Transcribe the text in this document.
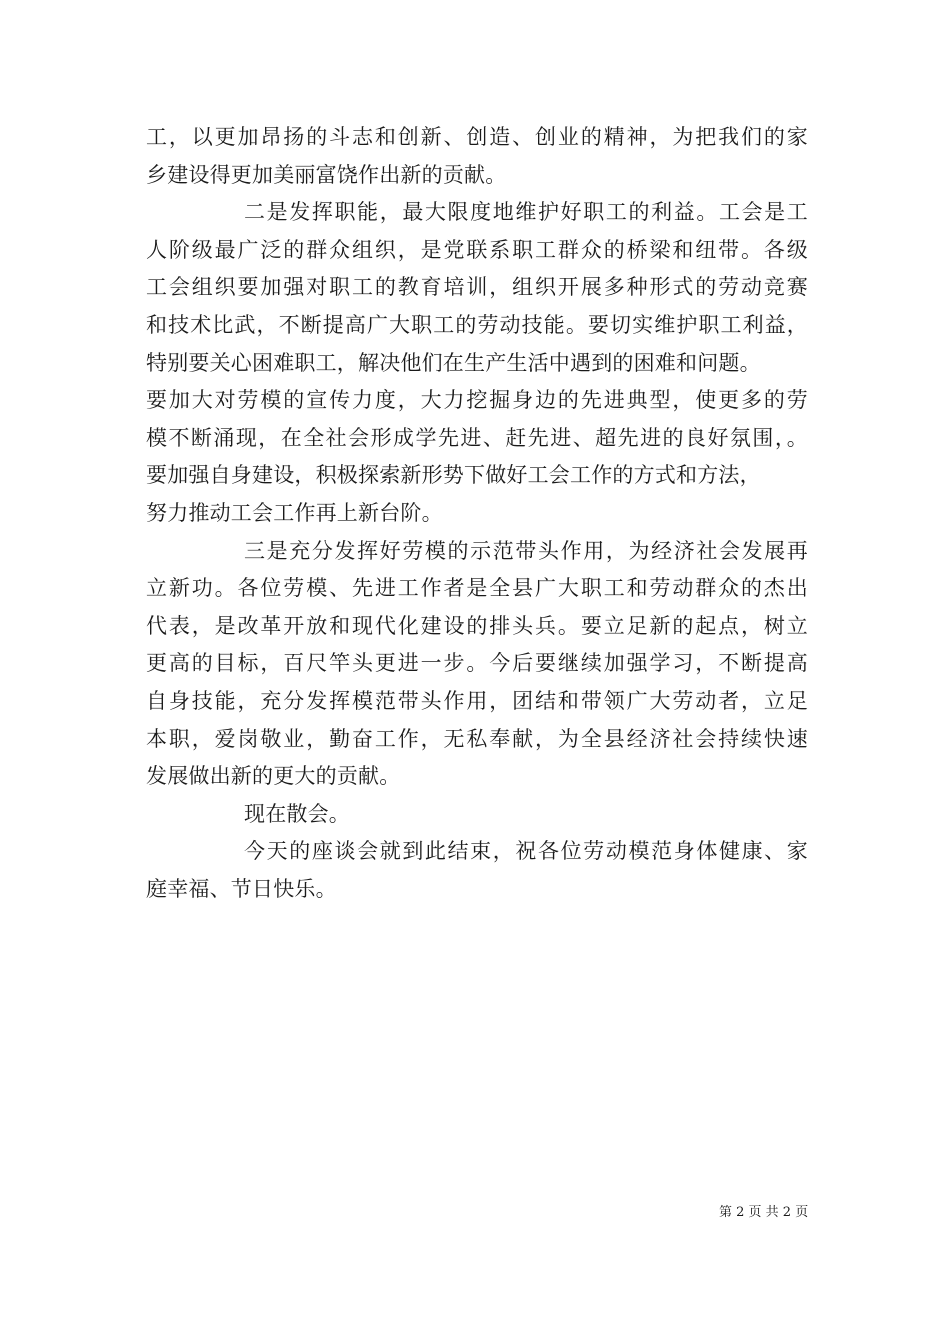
工，以更加昂扬的斗志和创新、创造、创业的精神，为把我们的家
乡建设得更加美丽富饶作出新的贡献。
二是发挥职能，最大限度地维护好职工的利益。工会是工
人阶级最广泛的群众组织，是党联系职工群众的桥梁和纽带。各级
工会组织要加强对职工的教育培训，组织开展多种形式的劳动竞赛
和技术比武，不断提高广大职工的劳动技能。要切实维护职工利益，
特别要关心困难职工，解决他们在生产生活中遇到的困难和问题。
要加大对劳模的宣传力度，大力挖掘身边的先进典型，使更多的劳
模不断涌现，在全社会形成学先进、赶先进、超先进的良好氛围，。
要加强自身建设，积极探索新形势下做好工会工作的方式和方法，
努力推动工会工作再上新台阶。
三是充分发挥好劳模的示范带头作用，为经济社会发展再
立新功。各位劳模、先进工作者是全县广大职工和劳动群众的杰出
代表，是改革开放和现代化建设的排头兵。要立足新的起点，树立
更高的目标，百尺竿头更进一步。今后要继续加强学习，不断提高
自身技能，充分发挥模范带头作用，团结和带领广大劳动者，立足
本职，爱岗敬业，勤奋工作，无私奉献，为全县经济社会持续快速
发展做出新的更大的贡献。
现在散会。
今天的座谈会就到此结束，祝各位劳动模范身体健康、家
庭幸福、节日快乐。
第 2 页 共 2 页
